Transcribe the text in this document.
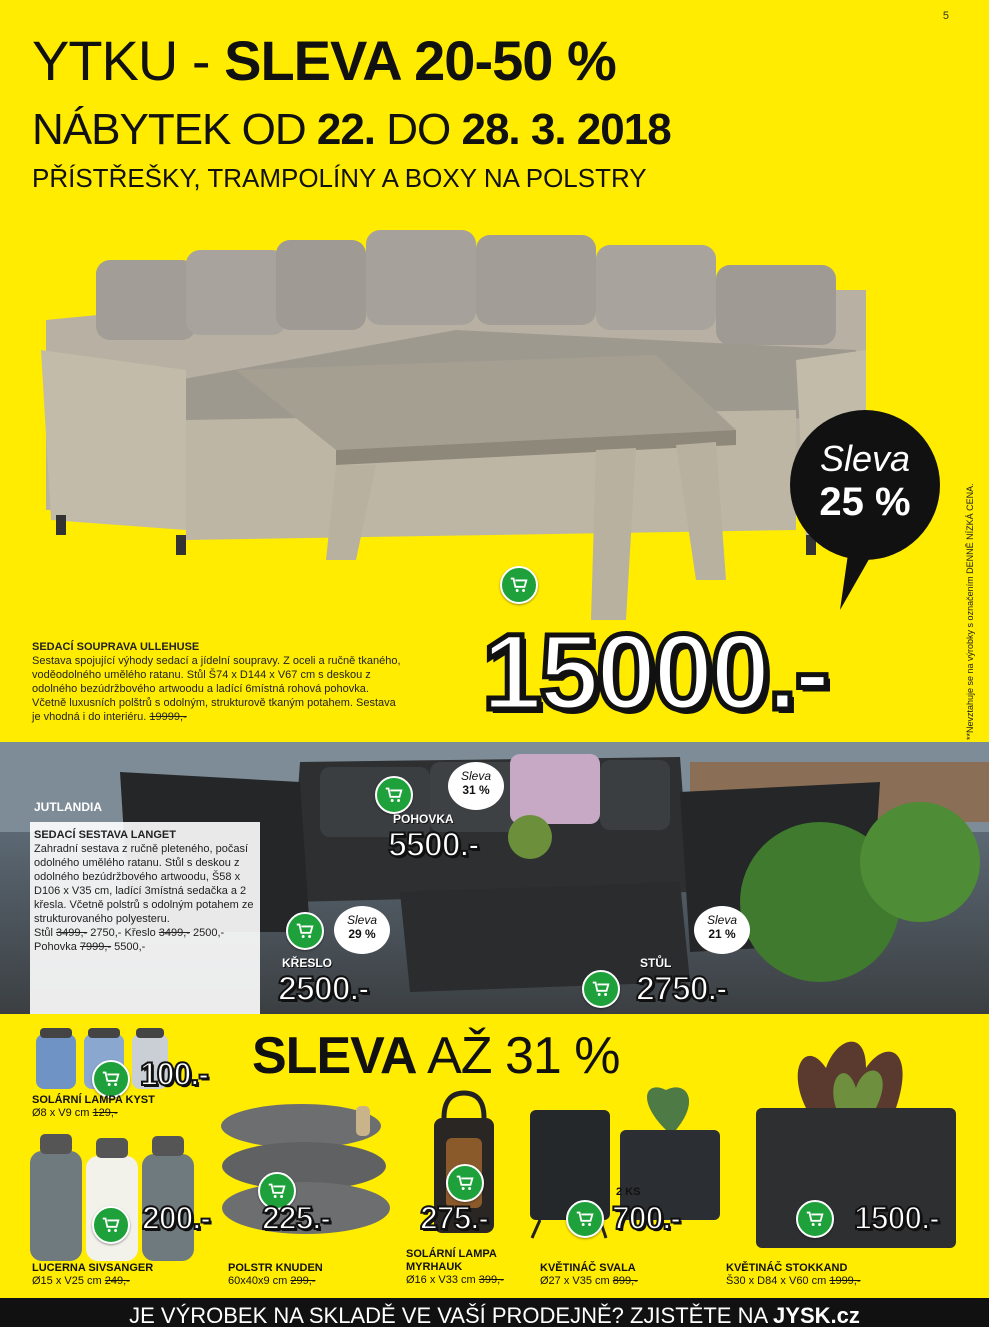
5
YTKU - SLEVA 20-50 %
NÁBYTEK OD 22. DO 28. 3. 2018
PŘÍSTŘEŠKY, TRAMPOLÍNY A BOXY NA POLSTRY
Sleva
25 %
SEDACÍ SOUPRAVA ULLEHUSE
Sestava spojující výhody sedací a jídelní soupravy. Z oceli a ručně tkaného, voděodolného umělého ratanu. Stůl Š74 x D144 x V67 cm s deskou z odolného bezúdržbového artwoodu a ladící 6místná rohová pohovka. Včetně luxusních polštrů s odolným, strukturově tkaným potahem. Sestava je vhodná i do interiéru. 19999,-	15000.-	**Nevztahuje se na výrobky s označením DENNĚ NÍZKÁ CENA.
JUTLANDIA
SEDACÍ SESTAVA LANGET
Zahradní sestava z ručně pleteného, počasí odolného umělého ratanu. Stůl s deskou z odolného bezúdržbového artwoodu, Š58 x D106 x V35 cm, ladící 3místná sedačka a 2 křesla. Včetně polstrů s odolným potahem ze strukturovaného polyesteru.
Stůl 3499,- 2750,- Křeslo 3499,- 2500,-
Pohovka 7999,- 5500,-
Sleva
31 %
POHOVKA
5500.-
Sleva
29 %
KŘESLO
2500.-
Sleva
21 %
STŮL
2750.-
SLEVA AŽ 31 %
100.-
SOLÁRNÍ LAMPA KYST
Ø8 x V9 cm 129,-
200.-
LUCERNA SIVSANGER
Ø15 x V25 cm 249,-
225.-
POLSTR KNUDEN
60x40x9 cm 299,-
275.-
SOLÁRNÍ LAMPA MYRHAUK
Ø16 x V33 cm 399,-
2 KS
700.-
KVĚTINÁČ SVALA
Ø27 x V35 cm 899,-
1500.-
KVĚTINÁČ STOKKAND
Š30 x D84 x V60 cm 1999,-
JE VÝROBEK NA SKLADĚ VE VAŠÍ PRODEJNĚ? ZJISTĚTE NA JYSK.cz
